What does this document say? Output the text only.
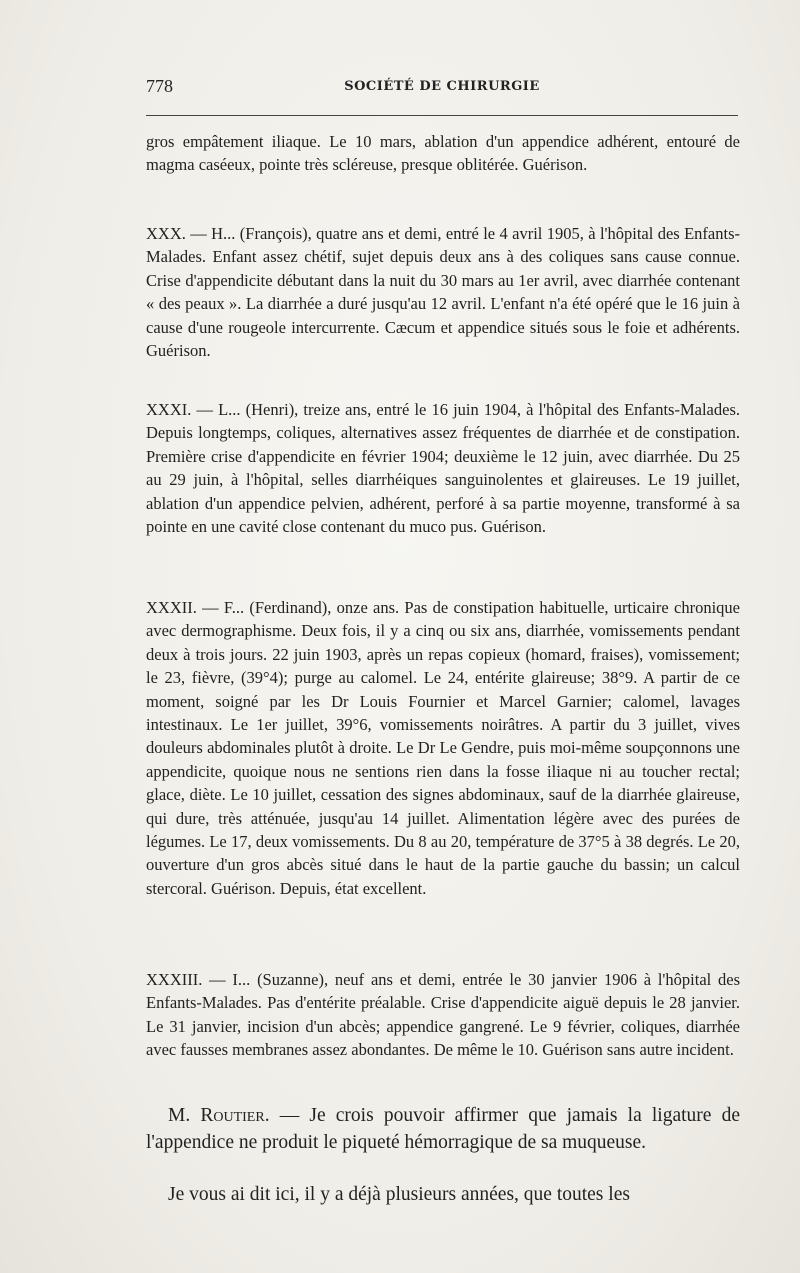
778	SOCIÉTÉ DE CHIRURGIE

gros empâtement iliaque. Le 10 mars, ablation d'un appendice adhérent, entouré de magma caséeux, pointe très scléreuse, presque oblitérée. Guérison.

XXX. — H... (François), quatre ans et demi, entré le 4 avril 1905, à l'hôpital des Enfants-Malades. Enfant assez chétif, sujet depuis deux ans à des coliques sans cause connue. Crise d'appendicite débutant dans la nuit du 30 mars au 1er avril, avec diarrhée contenant « des peaux ». La diarrhée a duré jusqu'au 12 avril. L'enfant n'a été opéré que le 16 juin à cause d'une rougeole intercurrente. Cæcum et appendice situés sous le foie et adhérents. Guérison.

XXXI. — L... (Henri), treize ans, entré le 16 juin 1904, à l'hôpital des Enfants-Malades. Depuis longtemps, coliques, alternatives assez fréquentes de diarrhée et de constipation. Première crise d'appendicite en février 1904; deuxième le 12 juin, avec diarrhée. Du 25 au 29 juin, à l'hôpital, selles diarrhéiques sanguinolentes et glaireuses. Le 19 juillet, ablation d'un appendice pelvien, adhérent, perforé à sa partie moyenne, transformé à sa pointe en une cavité close contenant du muco pus. Guérison.

XXXII. — F... (Ferdinand), onze ans. Pas de constipation habituelle, urticaire chronique avec dermographisme. Deux fois, il y a cinq ou six ans, diarrhée, vomissements pendant deux à trois jours. 22 juin 1903, après un repas copieux (homard, fraises), vomissement; le 23, fièvre, (39°4); purge au calomel. Le 24, entérite glaireuse; 38°9. A partir de ce moment, soigné par les Dr Louis Fournier et Marcel Garnier; calomel, lavages intestinaux. Le 1er juillet, 39°6, vomissements noirâtres. A partir du 3 juillet, vives douleurs abdominales plutôt à droite. Le Dr Le Gendre, puis moi-même soupçonnons une appendicite, quoique nous ne sentions rien dans la fosse iliaque ni au toucher rectal; glace, diète. Le 10 juillet, cessation des signes abdominaux, sauf de la diarrhée glaireuse, qui dure, très atténuée, jusqu'au 14 juillet. Alimentation légère avec des purées de légumes. Le 17, deux vomissements. Du 8 au 20, température de 37°5 à 38 degrés. Le 20, ouverture d'un gros abcès situé dans le haut de la partie gauche du bassin; un calcul stercoral. Guérison. Depuis, état excellent.

XXXIII. — I... (Suzanne), neuf ans et demi, entrée le 30 janvier 1906 à l'hôpital des Enfants-Malades. Pas d'entérite préalable. Crise d'appendicite aiguë depuis le 28 janvier. Le 31 janvier, incision d'un abcès; appendice gangrené. Le 9 février, coliques, diarrhée avec fausses membranes assez abondantes. De même le 10. Guérison sans autre incident.

M. Routier. — Je crois pouvoir affirmer que jamais la ligature de l'appendice ne produit le piqueté hémorragique de sa muqueuse.

Je vous ai dit ici, il y a déjà plusieurs années, que toutes les
